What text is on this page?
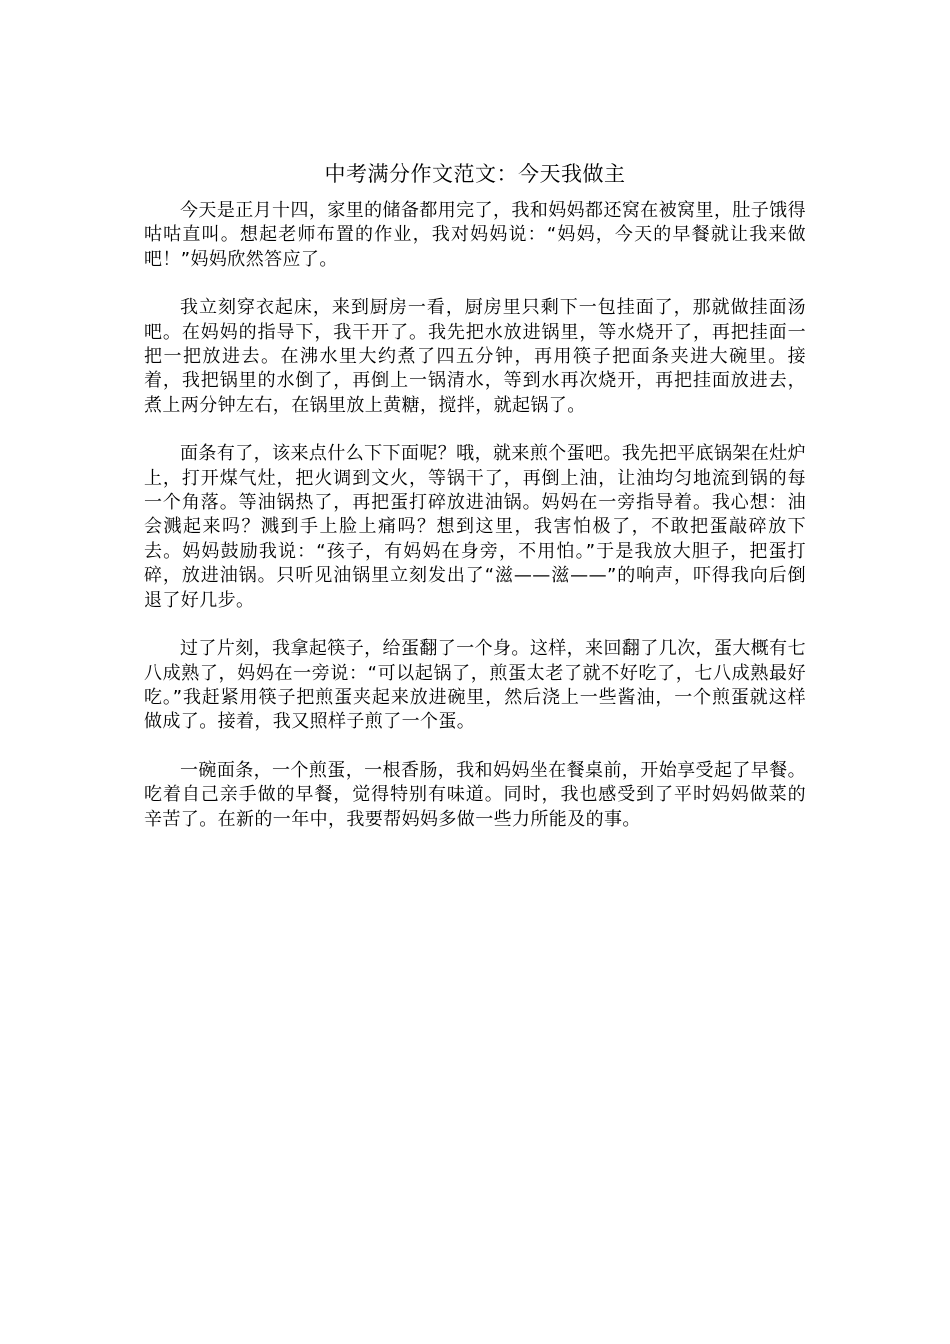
中考满分作文范文：今天我做主

今天是正月十四，家里的储备都用完了，我和妈妈都还窝在被窝里，肚子饿得咕咕直叫。想起老师布置的作业，我对妈妈说：“妈妈，今天的早餐就让我来做吧！”妈妈欣然答应了。

我立刻穿衣起床，来到厨房一看，厨房里只剩下一包挂面了，那就做挂面汤吧。在妈妈的指导下，我干开了。我先把水放进锅里，等水烧开了，再把挂面一把一把放进去。在沸水里大约煮了四五分钟，再用筷子把面条夹进大碗里。接着，我把锅里的水倒了，再倒上一锅清水，等到水再次烧开，再把挂面放进去，煮上两分钟左右，在锅里放上黄糖，搅拌，就起锅了。

面条有了，该来点什么下下面呢？哦，就来煎个蛋吧。我先把平底锅架在灶炉上，打开煤气灶，把火调到文火，等锅干了，再倒上油，让油均匀地流到锅的每一个角落。等油锅热了，再把蛋打碎放进油锅。妈妈在一旁指导着。我心想：油会溅起来吗？溅到手上脸上痛吗？想到这里，我害怕极了，不敢把蛋敲碎放下去。妈妈鼓励我说：“孩子，有妈妈在身旁，不用怕。”于是我放大胆子，把蛋打碎，放进油锅。只听见油锅里立刻发出了“滋——滋——”的响声，吓得我向后倒退了好几步。

过了片刻，我拿起筷子，给蛋翻了一个身。这样，来回翻了几次，蛋大概有七八成熟了，妈妈在一旁说：“可以起锅了，煎蛋太老了就不好吃了，七八成熟最好吃。”我赶紧用筷子把煎蛋夹起来放进碗里，然后浇上一些酱油，一个煎蛋就这样做成了。接着，我又照样子煎了一个蛋。

一碗面条，一个煎蛋，一根香肠，我和妈妈坐在餐桌前，开始享受起了早餐。吃着自己亲手做的早餐，觉得特别有味道。同时，我也感受到了平时妈妈做菜的辛苦了。在新的一年中，我要帮妈妈多做一些力所能及的事。
